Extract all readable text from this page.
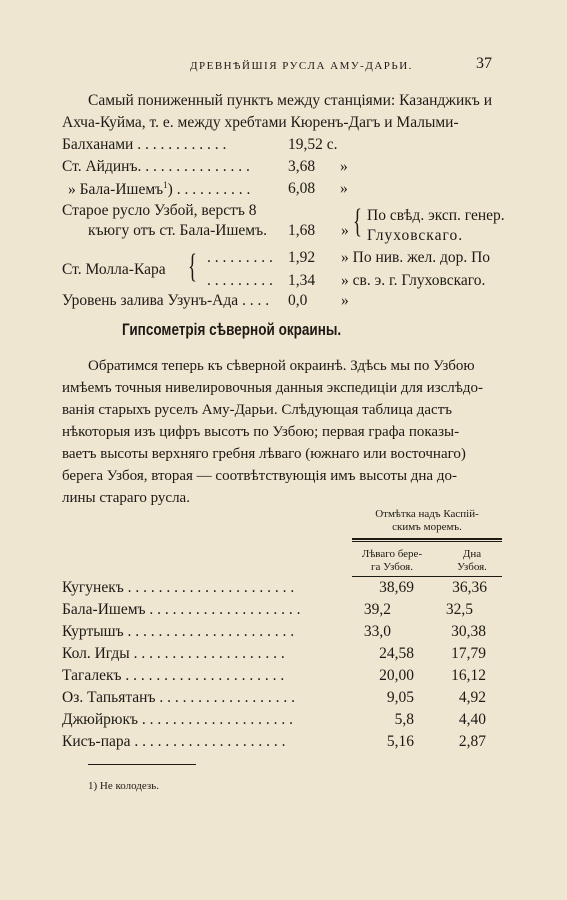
ДРЕВНѢЙШІЯ РУСЛА АМУ-ДАРЬИ.	37
Самый пониженный пунктъ между станціями: Казанджикъ и
Ахча-Куйма, т. е. между хребтами Кюренъ-Дагъ и Малыми-
Балханами . . . . . . . . . . . .	19,52 с.
Ст. Айдинъ. . . . . . . . . . . . . . . 3,68 »
» Бала-Ишемъ$^1$) . . . . . . . . . . 6,08 »
Старое русло Узбой, верстъ 8
къюгу отъ ст. Бала-Ишемъ. 1,68 » { По свѣд. эксп. генер.
Глуховскаго.
Ст. Молла-Кара { . . . . . . . . . 1,92 » По нив. жел. дор. По
. . . . . . . . . 1,34 » св. э. г. Глуховскаго.
Уровень залива Узунъ-Ада . . . . 0,0 »
Гипсометрія сѣверной окраины.
Обратимся теперь къ сѣверной окраинѣ. Здѣсь мы по Узбою
имѣемъ точныя нивелировочныя данныя экспедиціи для изслѣдо-
ванія старыхъ руселъ Аму-Дарьи. Слѣдующая таблица дастъ
нѣкоторыя изъ цифръ высотъ по Узбою; первая графа показы-
ваетъ высоты верхняго гребня лѣваго (южнаго или восточнаго)
берега Узбоя, вторая — соотвѣтствующія имъ высоты дна до-
лины стараго русла.
Отмѣтка надъ Каспій-
скимъ моремъ.
Лѣваго бере-
га Узбоя.
Дна
Узбоя.
Кугунекъ . . . . . . . . . . . . . . . . . . . . . .	38,69	36,36
Бала-Ишемъ . . . . . . . . . . . . . . . . . . . .	39,2	32,5
Куртышъ . . . . . . . . . . . . . . . . . . . . . .	33,0	30,38
Кол. Игды . . . . . . . . . . . . . . . . . . . .	24,58	17,79
Тагалекъ . . . . . . . . . . . . . . . . . . . . .	20,00	16,12
Оз. Тапьятанъ . . . . . . . . . . . . . . . . . .	9,05	4,92
Джюйрюкъ . . . . . . . . . . . . . . . . . . . .	5,8	4,40
Кисъ-пара . . . . . . . . . . . . . . . . . . . .	5,16	2,87
1) Не колодезь.
